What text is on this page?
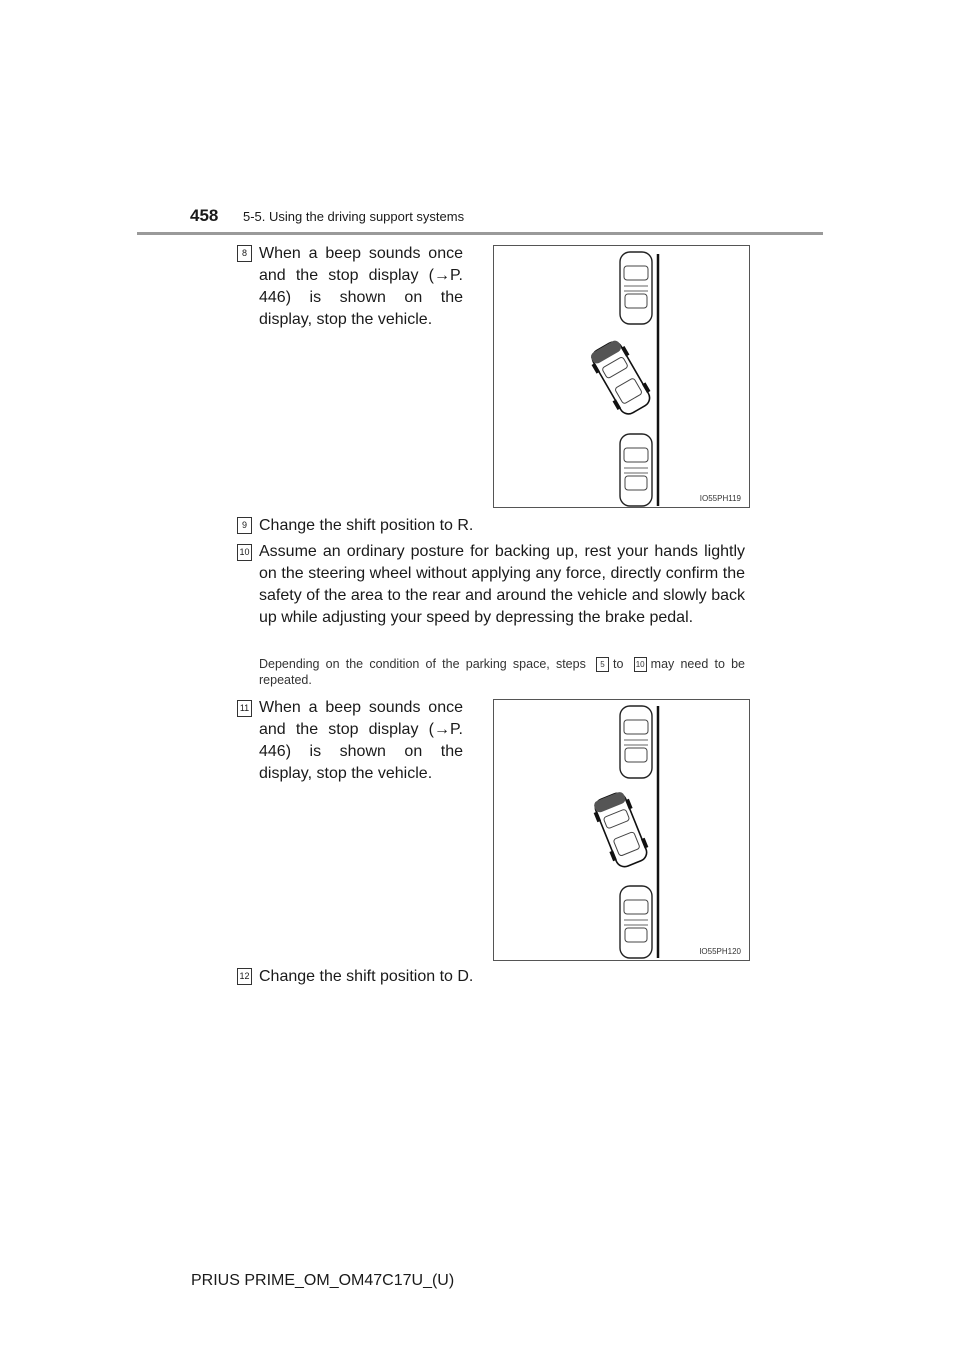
458 5-5. Using the driving support systems
8 When a beep sounds once and the stop display (→P. 446) is shown on the display, stop the vehicle.
IO55PH119
9 Change the shift position to R.
10 Assume an ordinary posture for backing up, rest your hands lightly on the steering wheel without applying any force, directly confirm the safety of the area to the rear and around the vehicle and slowly back up while adjusting your speed by depressing the brake pedal.
Depending on the condition of the parking space, steps 5 to 10 may need to be repeated.
11 When a beep sounds once and the stop display (→P. 446) is shown on the display, stop the vehicle.
IO55PH120
12 Change the shift position to D.
PRIUS PRIME_OM_OM47C17U_(U)
